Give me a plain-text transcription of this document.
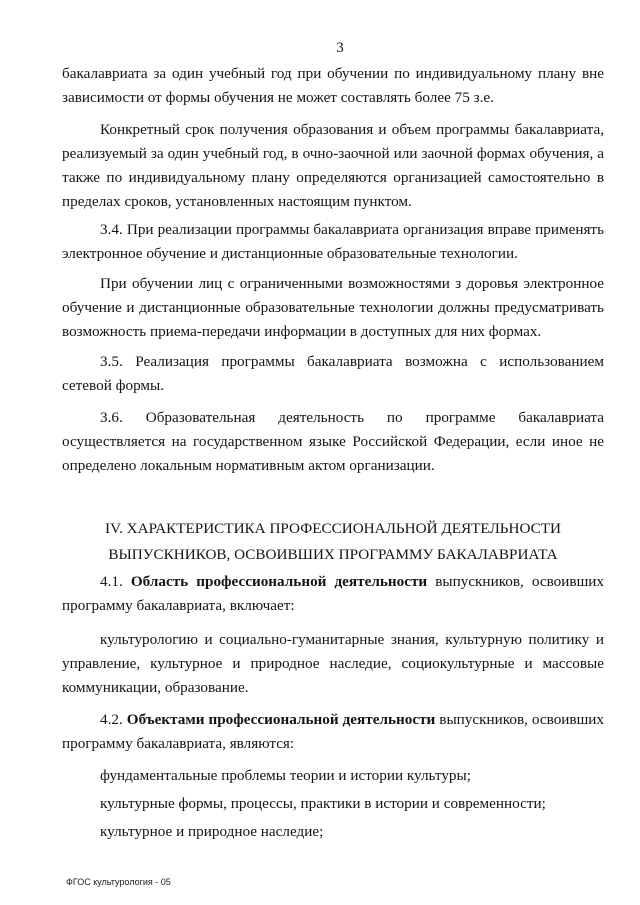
3

бакалавриата за один учебный год при обучении по индивидуальному плану вне зависимости от формы обучения не может составлять более 75 з.е.

Конкретный срок получения образования и объем программы бакалавриата, реализуемый за один учебный год, в очно-заочной или заочной формах обучения, а также по индивидуальному плану определяются организацией самостоятельно в пределах сроков, установленных настоящим пунктом.

3.4. При реализации программы бакалавриата организация вправе применять электронное обучение и дистанционные образовательные технологии.

При обучении лиц с ограниченными возможностями з доровья электронное обучение и дистанционные образовательные технологии должны предусматривать возможность приема-передачи информации в доступных для них формах.

3.5. Реализация программы бакалавриата возможна с использованием сетевой формы.

3.6. Образовательная деятельность по программе бакалавриата осуществляется на государственном языке Российской Федерации, если иное не определено локальным нормативным актом организации.

IV. ХАРАКТЕРИСТИКА ПРОФЕССИОНАЛЬНОЙ ДЕЯТЕЛЬНОСТИ

ВЫПУСКНИКОВ, ОСВОИВШИХ ПРОГРАММУ БАКАЛАВРИАТА

4.1. Область профессиональной деятельности выпускников, освоивших программу бакалавриата, включает:

культурологию и социально-гуманитарные знания, культурную политику и управление, культурное и природное наследие, социокультурные и массовые коммуникации, образование.

4.2. Объектами профессиональной деятельности выпускников, освоивших программу бакалавриата, являются:

фундаментальные проблемы теории и истории культуры;

культурные формы, процессы, практики в истории и современности;

культурное и природное наследие;

ФГОС культурология - 05
